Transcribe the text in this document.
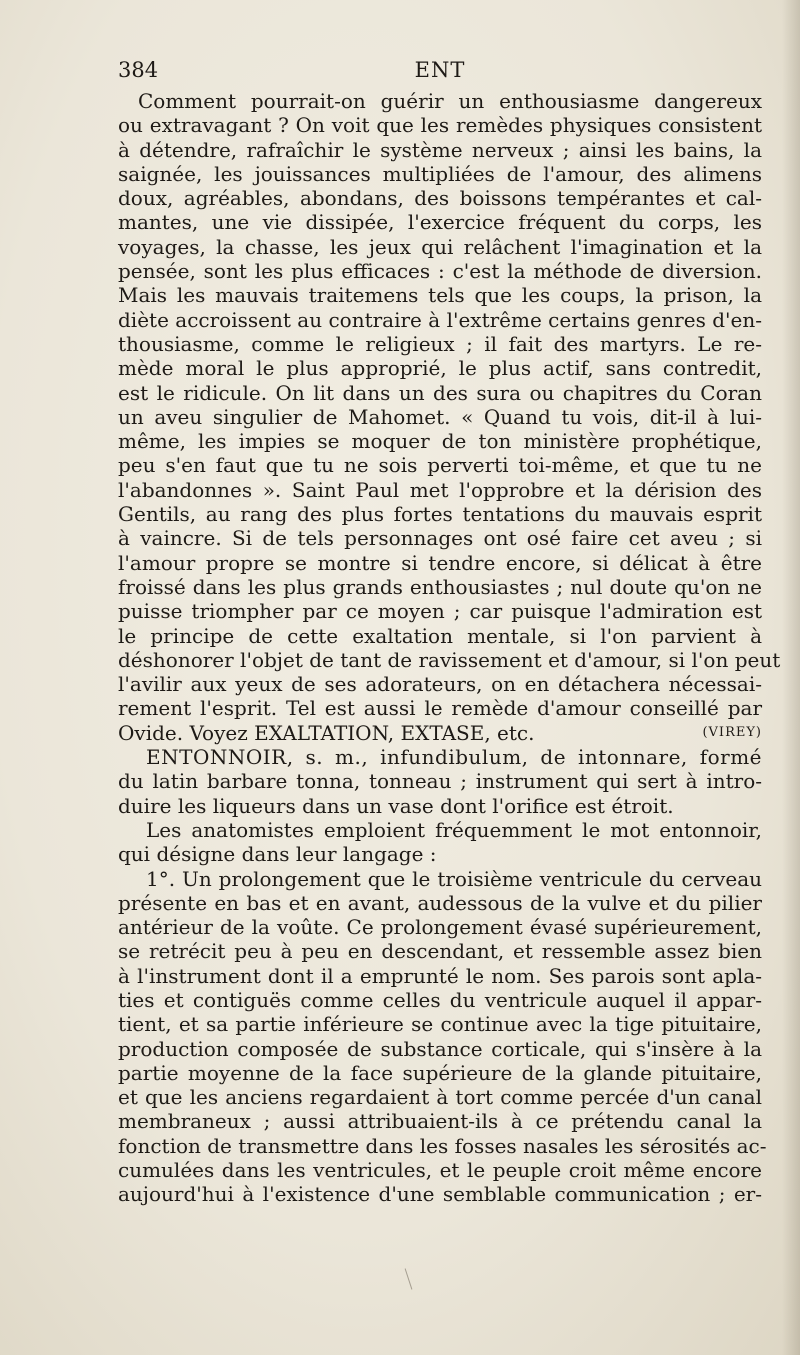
384	ENT
Comment pourrait-on guérir un enthousiasme dangereux
ou extravagant ? On voit que les remèdes physiques consistent
à détendre, rafraîchir le système nerveux ; ainsi les bains, la
saignée, les jouissances multipliées de l'amour, des alimens
doux, agréables, abondans, des boissons tempérantes et cal-
mantes, une vie dissipée, l'exercice fréquent du corps, les
voyages, la chasse, les jeux qui relâchent l'imagination et la
pensée, sont les plus efficaces : c'est la méthode de diversion.
Mais les mauvais traitemens tels que les coups, la prison, la
diète accroissent au contraire à l'extrême certains genres d'en-
thousiasme, comme le religieux ; il fait des martyrs. Le re-
mède moral le plus approprié, le plus actif, sans contredit,
est le ridicule. On lit dans un des sura ou chapitres du Coran
un aveu singulier de Mahomet. « Quand tu vois, dit-il à lui-
même, les impies se moquer de ton ministère prophétique,
peu s'en faut que tu ne sois perverti toi-même, et que tu ne
l'abandonnes ». Saint Paul met l'opprobre et la dérision des
Gentils, au rang des plus fortes tentations du mauvais esprit
à vaincre. Si de tels personnages ont osé faire cet aveu ; si
l'amour propre se montre si tendre encore, si délicat à être
froissé dans les plus grands enthousiastes ; nul doute qu'on ne
puisse triompher par ce moyen ; car puisque l'admiration est
le principe de cette exaltation mentale, si l'on parvient à
déshonorer l'objet de tant de ravissement et d'amour, si l'on peut
l'avilir aux yeux de ses adorateurs, on en détachera nécessai-
rement l'esprit. Tel est aussi le remède d'amour conseillé par
Ovide. Voyez EXALTATION, EXTASE, etc.	(VIREY)
ENTONNOIR, s. m., infundibulum, de intonnare, formé
du latin barbare tonna, tonneau ; instrument qui sert à intro-
duire les liqueurs dans un vase dont l'orifice est étroit.
Les anatomistes emploient fréquemment le mot entonnoir,
qui désigne dans leur langage :
1°. Un prolongement que le troisième ventricule du cerveau
présente en bas et en avant, audessous de la vulve et du pilier
antérieur de la voûte. Ce prolongement évasé supérieurement,
se retrécit peu à peu en descendant, et ressemble assez bien
à l'instrument dont il a emprunté le nom. Ses parois sont apla-
ties et contiguës comme celles du ventricule auquel il appar-
tient, et sa partie inférieure se continue avec la tige pituitaire,
production composée de substance corticale, qui s'insère à la
partie moyenne de la face supérieure de la glande pituitaire,
et que les anciens regardaient à tort comme percée d'un canal
membraneux ; aussi attribuaient-ils à ce prétendu canal la
fonction de transmettre dans les fosses nasales les sérosités ac-
cumulées dans les ventricules, et le peuple croit même encore
aujourd'hui à l'existence d'une semblable communication ; er-
